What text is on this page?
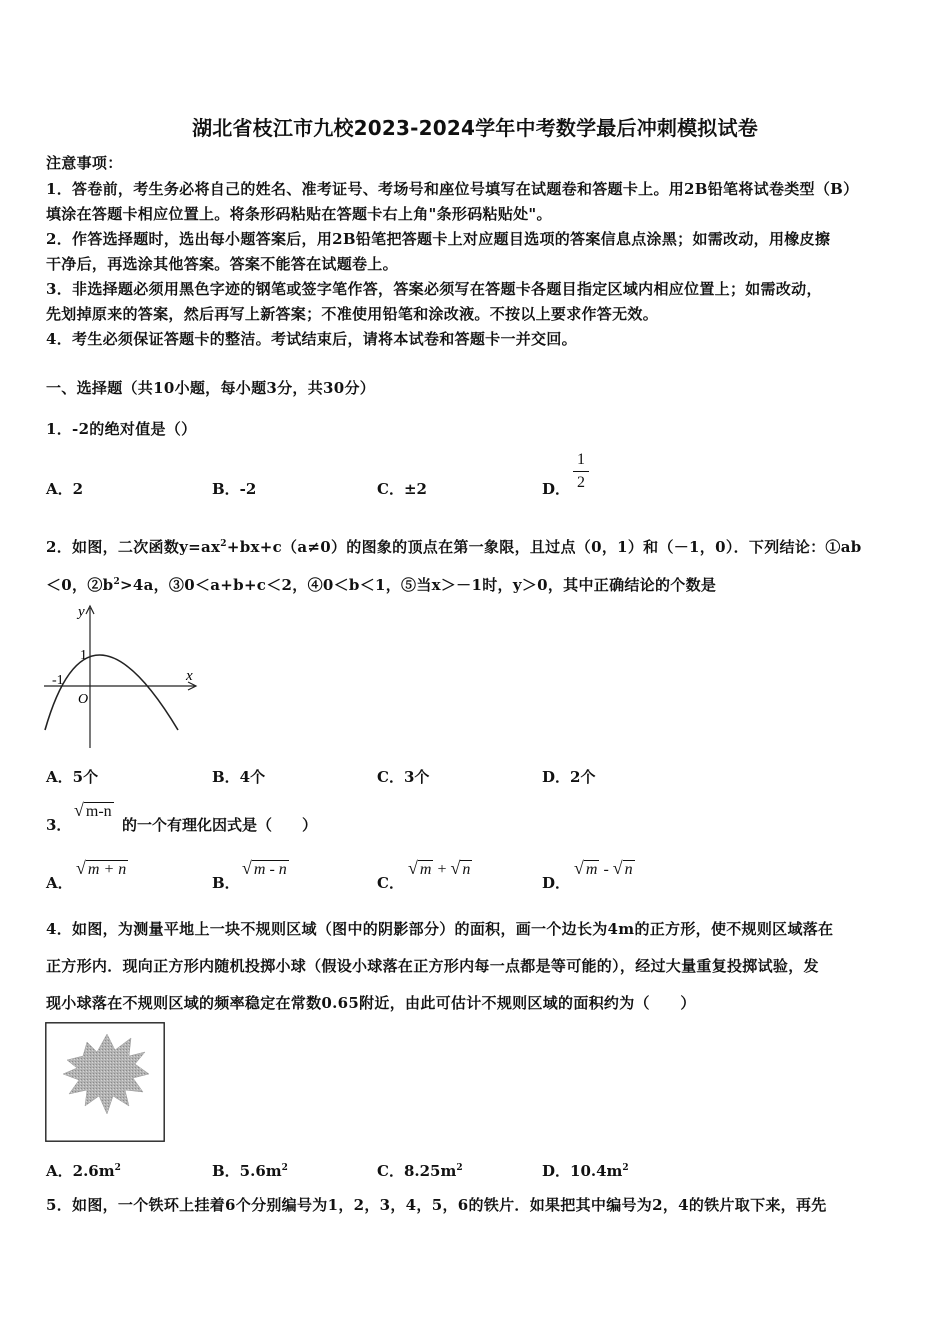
湖北省枝江市九校2023-2024学年中考数学最后冲刺模拟试卷
注意事项：
1．答卷前，考生务必将自己的姓名、准考证号、考场号和座位号填写在试题卷和答题卡上。用2B铅笔将试卷类型（B）
填涂在答题卡相应位置上。将条形码粘贴在答题卡右上角"条形码粘贴处"。
2．作答选择题时，选出每小题答案后，用2B铅笔把答题卡上对应题目选项的答案信息点涂黑；如需改动，用橡皮擦
干净后，再选涂其他答案。答案不能答在试题卷上。
3．非选择题必须用黑色字迹的钢笔或签字笔作答，答案必须写在答题卡各题目指定区域内相应位置上；如需改动，
先划掉原来的答案，然后再写上新答案；不准使用铅笔和涂改液。不按以上要求作答无效。
4．考生必须保证答题卡的整洁。考试结束后，请将本试卷和答题卡一并交回。
一、选择题（共10小题，每小题3分，共30分）
1．-2的绝对值是（）
A．2	B．-2	C．±2	D．
1
2
2．如图，二次函数$y=ax^2+bx+c(a\ne 0)$的图象的顶点在第一象限，且过点（0，1）和（－1，0）．下列结论：①ab
＜0，$②b^2>4a$，③0＜a+b+c＜2，④0＜b＜1，⑤当x＞－1时，y＞0，其中正确结论的个数是
y
x
1
-1
O
A．5个	B．4个	C．3个	D．2个
3．
√ m-n
的一个有理化因式是（　　）
A．
√ m + n
B．
√ m - n
C．
√ m + √ n
D．
√ m - √ n
4．如图，为测量平地上一块不规则区域（图中的阴影部分）的面积，画一个边长为4m的正方形，使不规则区域落在
正方形内．现向正方形内随机投掷小球（假设小球落在正方形内每一点都是等可能的），经过大量重复投掷试验，发
现小球落在不规则区域的频率稳定在常数0.65附近，由此可估计不规则区域的面积约为（　　）
A．$2.6m^2$	B．$5.6m^2$	C．$8.25m^2$	D．$10.4m^2$
5．如图，一个铁环上挂着6个分别编号为1，2，3，4，5，6的铁片．如果把其中编号为2，4的铁片取下来，再先
